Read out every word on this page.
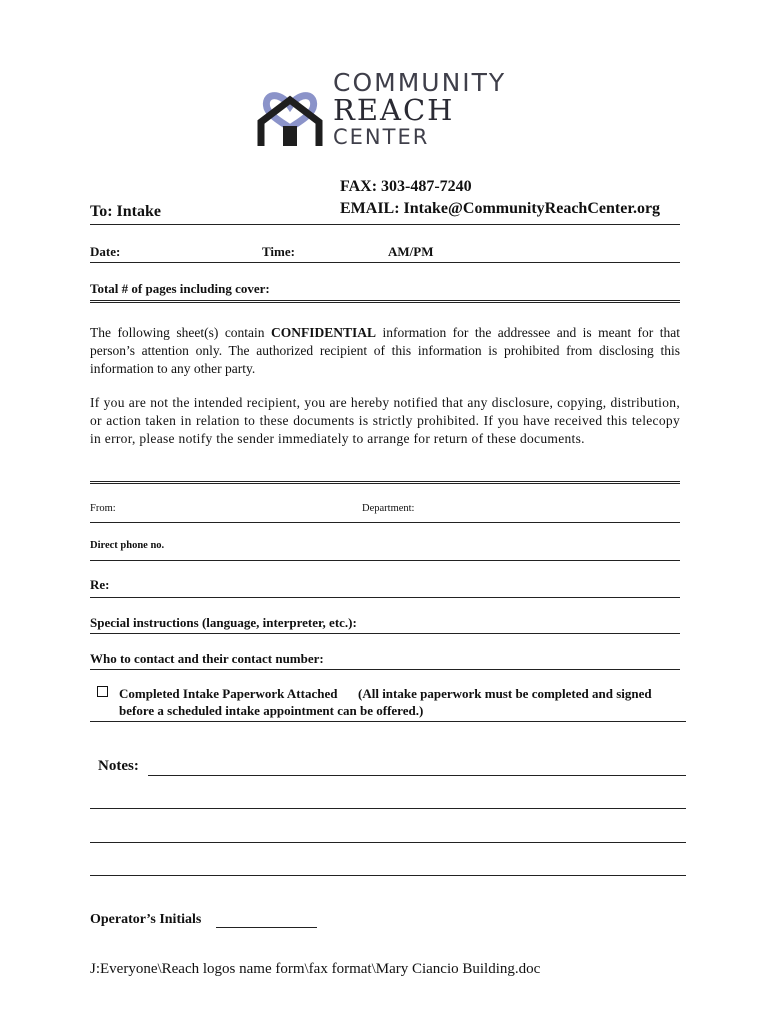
COMMUNITY
REACH
CENTER
FAX: 303-487-7240
To: Intake	EMAIL: Intake@CommunityReachCenter.org
Date:	Time:	AM/PM
Total # of pages including cover:
The following sheet(s) contain CONFIDENTIAL information for the addressee and is meant for that person’s attention only. The authorized recipient of this information is prohibited from disclosing this information to any other party.
If you are not the intended recipient, you are hereby notified that any disclosure, copying, distribution, or action taken in relation to these documents is strictly prohibited. If you have received this telecopy in error, please notify the sender immediately to arrange for return of these documents.
From:	Department:
Direct phone no.
Re:
Special instructions (language, interpreter, etc.):
Who to contact and their contact number:
Completed Intake Paperwork Attached (All intake paperwork must be completed and signed
before a scheduled intake appointment can be offered.)
Notes:
Operator’s Initials
J:Everyone\Reach logos name form\fax format\Mary Ciancio Building.doc
